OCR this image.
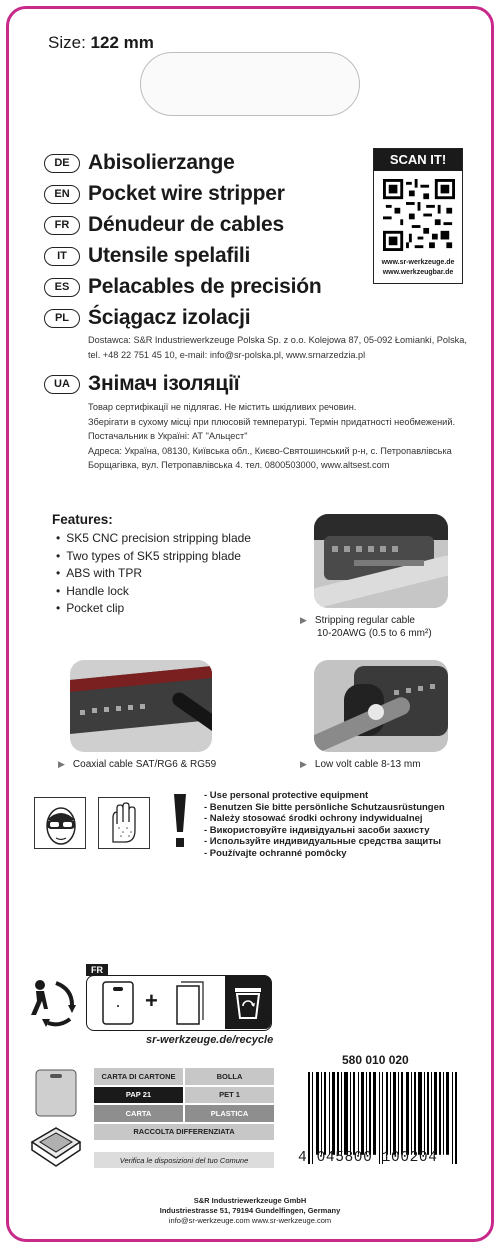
Size: 122 mm
DE Abisolierzange
EN Pocket wire stripper
FR Dénudeur de cables
IT	Utensile spelafili
ES Pelacables de precisión
PL Ściągacz izolacji
Dostawca: S&R Industriewerkzeuge Polska Sp. z o.o. Kolejowa 87, 05-092 Łomianki, Polska,
tel. +48 22 751 45 10, e-mail: info@sr-polska.pl, www.srnarzedzia.pl
UA Знімач ізоляції
Товар сертифікації не підлягає. Не містить шкідливих речовин.
Зберігати в сухому місці при плюсовій температурі. Термін придатності необмежений.
Постачальник в Україні: АТ "Альцест"
Адреса: Україна, 08130, Київська обл., Києво-Святошинський р-н, с. Петропавлівська
Борщагівка, вул. Петропавлівська 4. тел. 0800503000, www.altsest.com
SCAN IT!
www.sr-werkzeuge.de
www.werkzeugbar.de
Features:
• SK5 CNC precision stripping blade
• Two types of SK5 stripping blade
• ABS with TPR
• Handle lock
• Pocket clip
▶ Stripping regular cable
10-20AWG (0.5 to 6 mm²)
▶ Coaxial cable SAT/RG6 & RG59	▶ Low volt cable 8-13 mm
- Use personal protective equipment
- Benutzen Sie bitte persönliche Schutzausrüstungen
- Należy stosować środki ochrony indywidualnej
- Використовуйте індивідуальні засоби захисту
- Используйте индивидуальные средства защиты
- Používajte ochranné pomôcky
FR
+
sr-werkzeuge.de/recycle
CARTA DI CARTONE	BOLLA
PAP 21	PET 1
CARTA	PLASTICA
RACCOLTA DIFFERENZIATA
Verifica le disposizioni del tuo Comune
580 010 020
4 045800 100204
S&R Industriewerkzeuge GmbH
Industriestrasse 51, 79194 Gundelfingen, Germany
info@sr-werkzeuge.com www.sr-werkzeuge.com
